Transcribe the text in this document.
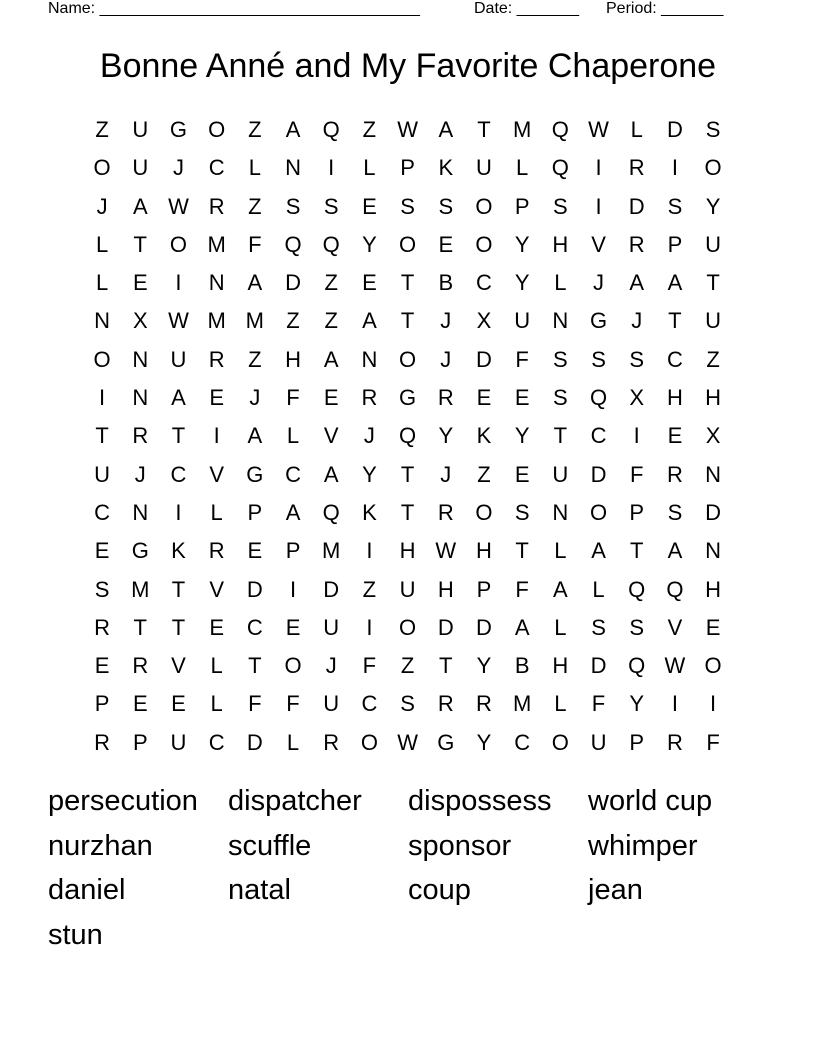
Name: ____________________________________	Date: _______ Period: _______
Bonne Anné and My Favorite Chaperone
Z	U G O	Z	A	Q	Z W A	T	M Q W L	D	S
O U	J	C	L	N	I	L	P	K	U	L	Q	I	R	I	O
J	A W R	Z	S	S	E	S	S	O	P	S	I	D	S	Y
L	T	O M	F	Q Q	Y	O	E	O	Y	H	V	R	P	U
L	E	I	N	A	D	Z	E	T	B	C	Y	L	J	A	A	T
N	X W M M	Z	Z	A	T	J	X	U	N G	J	T	U
O N	U	R	Z	H	A	N O	J	D	F	S	S	S	C	Z
I	N	A	E	J	F	E	R G R	E	E	S	Q	X	H	H
T	R	T	I	A	L	V	J	Q	Y	K	Y	T	C	I	E	X
U	J	C	V	G C	A	Y	T	J	Z	E	U	D	F	R	N
C	N	I	L	P	A	Q	K	T	R O	S	N O	P	S	D
E	G	K	R	E	P M	I	H W H	T	L	A	T	A	N
S M	T	V	D	I	D	Z	U	H	P	F	A	L	Q Q H
R	T	T	E	C	E	U	I	O D	D	A	L	S	S	V	E
E	R	V	L	T	O	J	F	Z	T	Y	B	H	D Q W O
P	E	E	L	F	F	U	C	S	R	R M	L	F	Y	I	I
R	P	U	C	D	L	R O W G	Y	C O U	P	R	F
persecution	dispatcher	dispossess	world cup
nurzhan	scuffle	sponsor	whimper
daniel	natal	coup	jean
stun
